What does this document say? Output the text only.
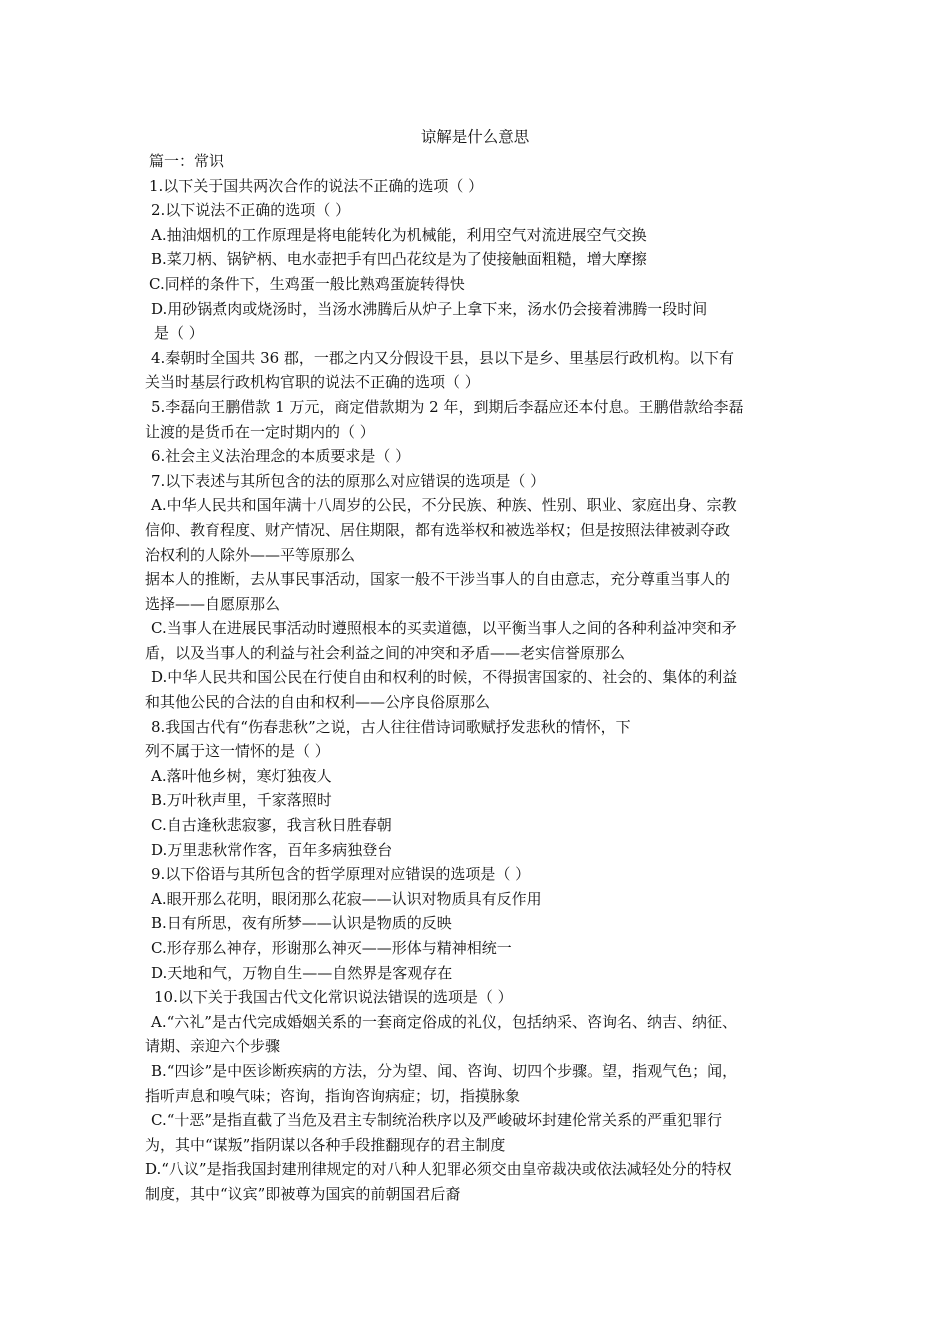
谅解是什么意思
篇一：常识
1.以下关于国共两次合作的说法不正确的选项（ ）
2.以下说法不正确的选项（ ）
A.抽油烟机的工作原理是将电能转化为机械能，利用空气对流进展空气交换
B.菜刀柄、锅铲柄、电水壶把手有凹凸花纹是为了使接触面粗糙，增大摩擦
C.同样的条件下，生鸡蛋一般比熟鸡蛋旋转得快
D.用砂锅煮肉或烧汤时，当汤水沸腾后从炉子上拿下来，汤水仍会接着沸腾一段时间
是（ ）
4.秦朝时全国共 36 郡，一郡之内又分假设干县，县以下是乡、里基层行政机构。以下有
关当时基层行政机构官职的说法不正确的选项（ ）
5.李磊向王鹏借款 1 万元，商定借款期为 2 年，到期后李磊应还本付息。王鹏借款给李磊
让渡的是货币在一定时期内的（ ）
6.社会主义法治理念的本质要求是（ ）
7.以下表述与其所包含的法的原那么对应错误的选项是（ ）
A.中华人民共和国年满十八周岁的公民，不分民族、种族、性别、职业、家庭出身、宗教
信仰、教育程度、财产情况、居住期限，都有选举权和被选举权；但是按照法律被剥夺政
治权利的人除外——平等原那么
据本人的推断，去从事民事活动，国家一般不干涉当事人的自由意志，充分尊重当事人的
选择——自愿原那么
C.当事人在进展民事活动时遵照根本的买卖道德，以平衡当事人之间的各种利益冲突和矛
盾，以及当事人的利益与社会利益之间的冲突和矛盾——老实信誉原那么
D.中华人民共和国公民在行使自由和权利的时候，不得损害国家的、社会的、集体的利益
和其他公民的合法的自由和权利——公序良俗原那么
8.我国古代有“伤春悲秋”之说，古人往往借诗词歌赋抒发悲秋的情怀，下
列不属于这一情怀的是（ ）
A.落叶他乡树，寒灯独夜人
B.万叶秋声里，千家落照时
C.自古逢秋悲寂寥，我言秋日胜春朝
D.万里悲秋常作客，百年多病独登台
9.以下俗语与其所包含的哲学原理对应错误的选项是（ ）
A.眼开那么花明，眼闭那么花寂——认识对物质具有反作用
B.日有所思，夜有所梦——认识是物质的反映
C.形存那么神存，形谢那么神灭——形体与精神相统一
D.天地和气，万物自生——自然界是客观存在
10.以下关于我国古代文化常识说法错误的选项是（ ）
A.“六礼”是古代完成婚姻关系的一套商定俗成的礼仪，包括纳采、咨询名、纳吉、纳征、
请期、亲迎六个步骤
B.“四诊”是中医诊断疾病的方法，分为望、闻、咨询、切四个步骤。望，指观气色；闻，
指听声息和嗅气味；咨询，指询咨询病症；切，指摸脉象
C.“十恶”是指直截了当危及君主专制统治秩序以及严峻破坏封建伦常关系的严重犯罪行
为，其中“谋叛”指阴谋以各种手段推翻现存的君主制度
D.“八议”是指我国封建刑律规定的对八种人犯罪必须交由皇帝裁决或依法减轻处分的特权
制度，其中“议宾”即被尊为国宾的前朝国君后裔
